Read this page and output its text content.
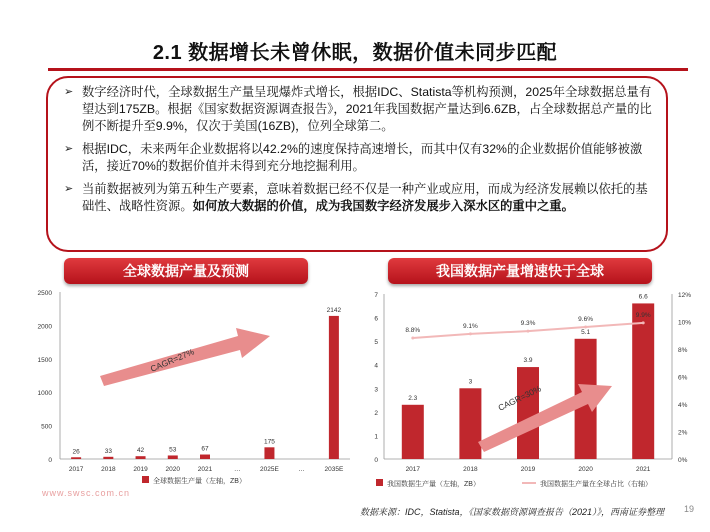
2.1 数据增长未曾休眠，数据价值未同步匹配
➢ 数字经济时代，全球数据生产量呈现爆炸式增长，根据IDC、Statista等机构预测，2025年全球数据总量有望达到175ZB。根据《国家数据资源调查报告》，2021年我国数据产量达到6.6ZB，占全球数据总产量的比例不断提升至9.9%，仅次于美国(16ZB)，位列全球第二。
➢ 根据IDC，未来两年企业数据将以42.2%的速度保持高速增长，而其中仅有32%的企业数据价值能够被激活，接近70%的数据价值并未得到充分地挖掘利用。
➢ 当前数据被列为第五种生产要素，意味着数据已经不仅是一种产业或应用，而成为经济发展赖以依托的基础性、战略性资源。如何放大数据的价值，成为我国数字经济发展步入深水区的重中之重。
全球数据产量及预测	我国数据产量增速快于全球
0
500
1000
1500
2000
2500
2017
26
2018
33
2019
42
2020
53
2021
67
…	2025E
175
…	2035E
2142
CAGR=27%
全球数据生产量（左轴，ZB）
0
1
2
3
4
5
6
7
0%
2%
4%
6%
8%
10%
12%
2017
2.3
2018
3
2019
3.9
2020
5.1
2021
6.6
8.8%
9.1%	9.3%
9.6%
9.9%
CAGR=30%
我国数据生产量（左轴，ZB）	我国数据生产量在全球占比（右轴）
www.swsc.com.cn
数据来源：IDC，Statista，《国家数据资源调查报告（2021）》，西南证券整理 19
